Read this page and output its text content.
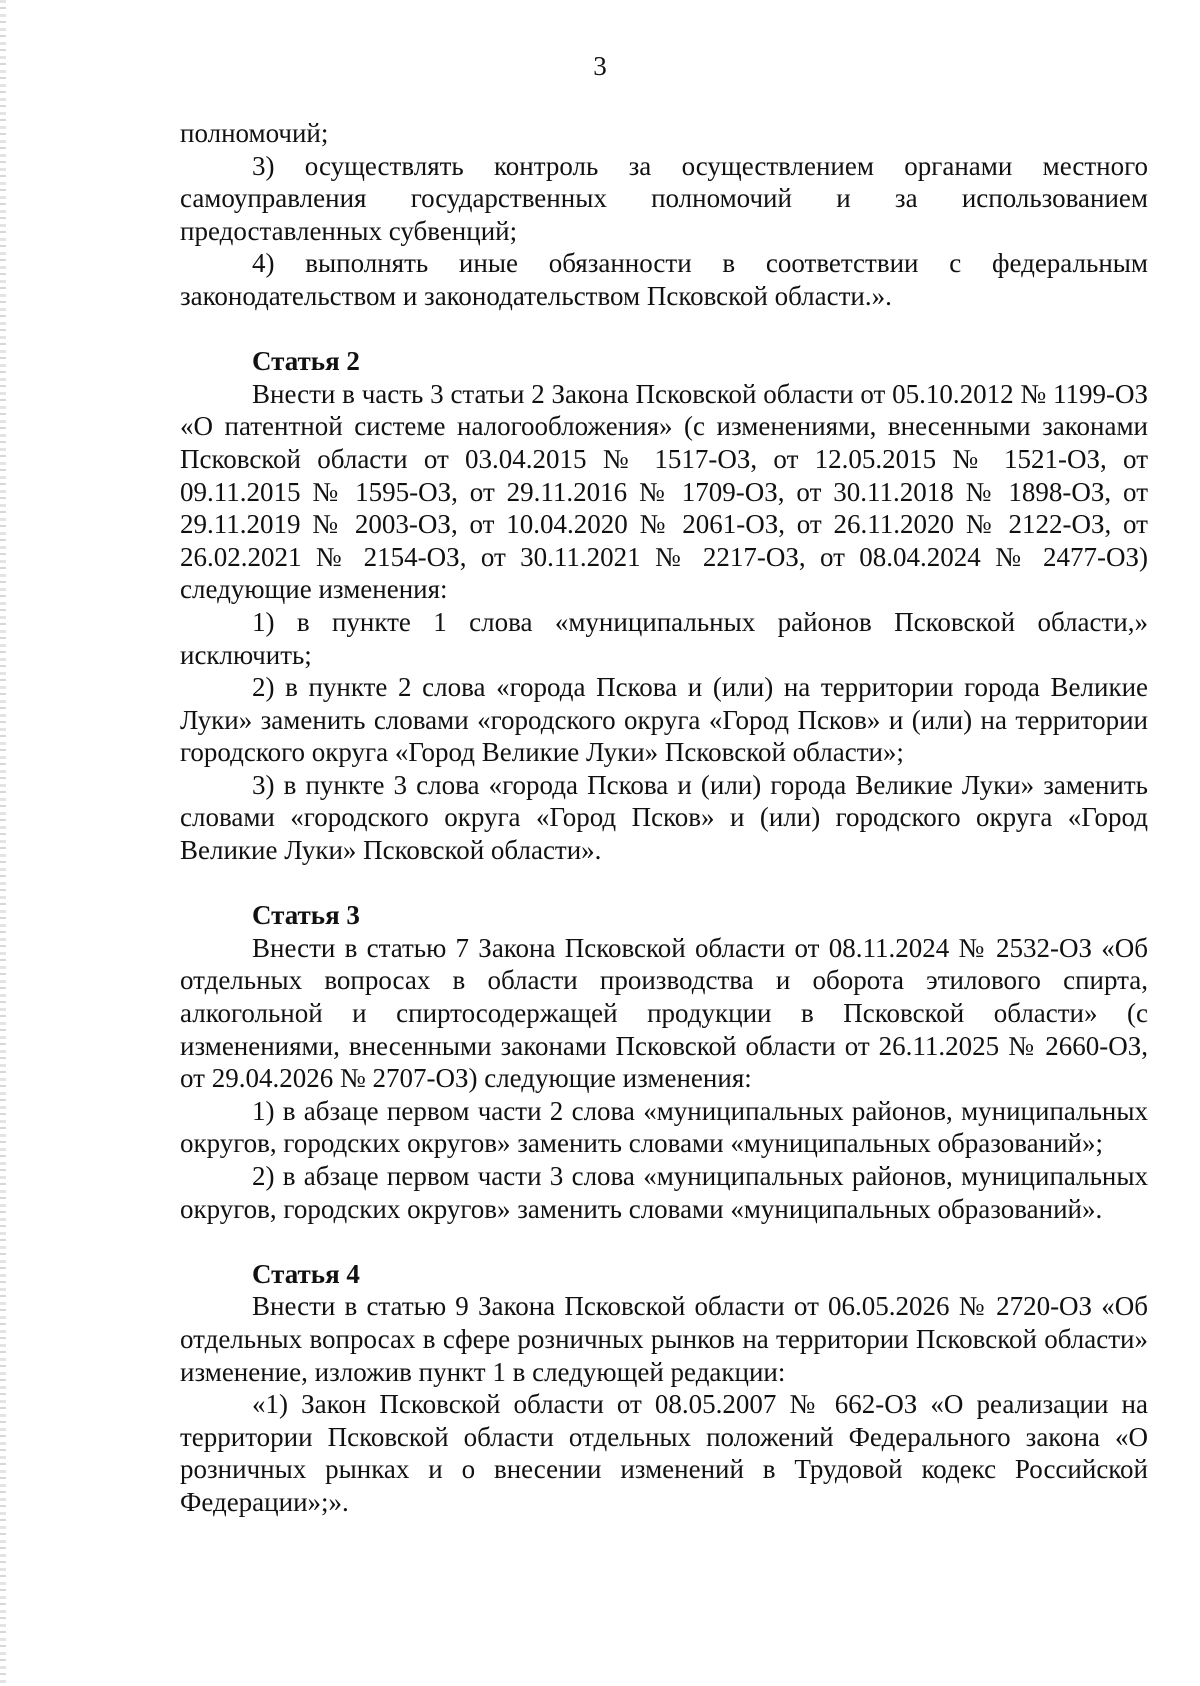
3

полномочий;

3) осуществлять контроль за осуществлением органами местного самоуправления государственных полномочий и за использованием предоставленных субвенций;

4) выполнять иные обязанности в соответствии с федеральным законодательством и законодательством Псковской области.».

Статья 2

Внести в часть 3 статьи 2 Закона Псковской области от 05.10.2012 № 1199-ОЗ «О патентной системе налогообложения» (с изменениями, внесенными законами Псковской области от 03.04.2015 № 1517-ОЗ, от 12.05.2015 № 1521-ОЗ, от 09.11.2015 № 1595-ОЗ, от 29.11.2016 № 1709-ОЗ, от 30.11.2018 № 1898-ОЗ, от 29.11.2019 № 2003-ОЗ, от 10.04.2020 № 2061-ОЗ, от 26.11.2020 № 2122-ОЗ, от 26.02.2021 № 2154-ОЗ, от 30.11.2021 № 2217-ОЗ, от 08.04.2024 № 2477-ОЗ) следующие изменения:

1) в пункте 1 слова «муниципальных районов Псковской области,» исключить;

2) в пункте 2 слова «города Пскова и (или) на территории города Великие Луки» заменить словами «городского округа «Город Псков» и (или) на территории городского округа «Город Великие Луки» Псковской области»;

3) в пункте 3 слова «города Пскова и (или) города Великие Луки» заменить словами «городского округа «Город Псков» и (или) городского округа «Город Великие Луки» Псковской области».

Статья 3

Внести в статью 7 Закона Псковской области от 08.11.2024 № 2532-ОЗ «Об отдельных вопросах в области производства и оборота этилового спирта, алкогольной и спиртосодержащей продукции в Псковской области» (с изменениями, внесенными законами Псковской области от 26.11.2025 № 2660-ОЗ, от 29.04.2026 № 2707-ОЗ) следующие изменения:

1) в абзаце первом части 2 слова «муниципальных районов, муниципальных округов, городских округов» заменить словами «муниципальных образований»;

2) в абзаце первом части 3 слова «муниципальных районов, муниципальных округов, городских округов» заменить словами «муниципальных образований».

Статья 4

Внести в статью 9 Закона Псковской области от 06.05.2026 № 2720-ОЗ «Об отдельных вопросах в сфере розничных рынков на территории Псковской области» изменение, изложив пункт 1 в следующей редакции:

«1) Закон Псковской области от 08.05.2007 № 662-ОЗ «О реализации на территории Псковской области отдельных положений Федерального закона «О розничных рынках и о внесении изменений в Трудовой кодекс Российской Федерации»;».
